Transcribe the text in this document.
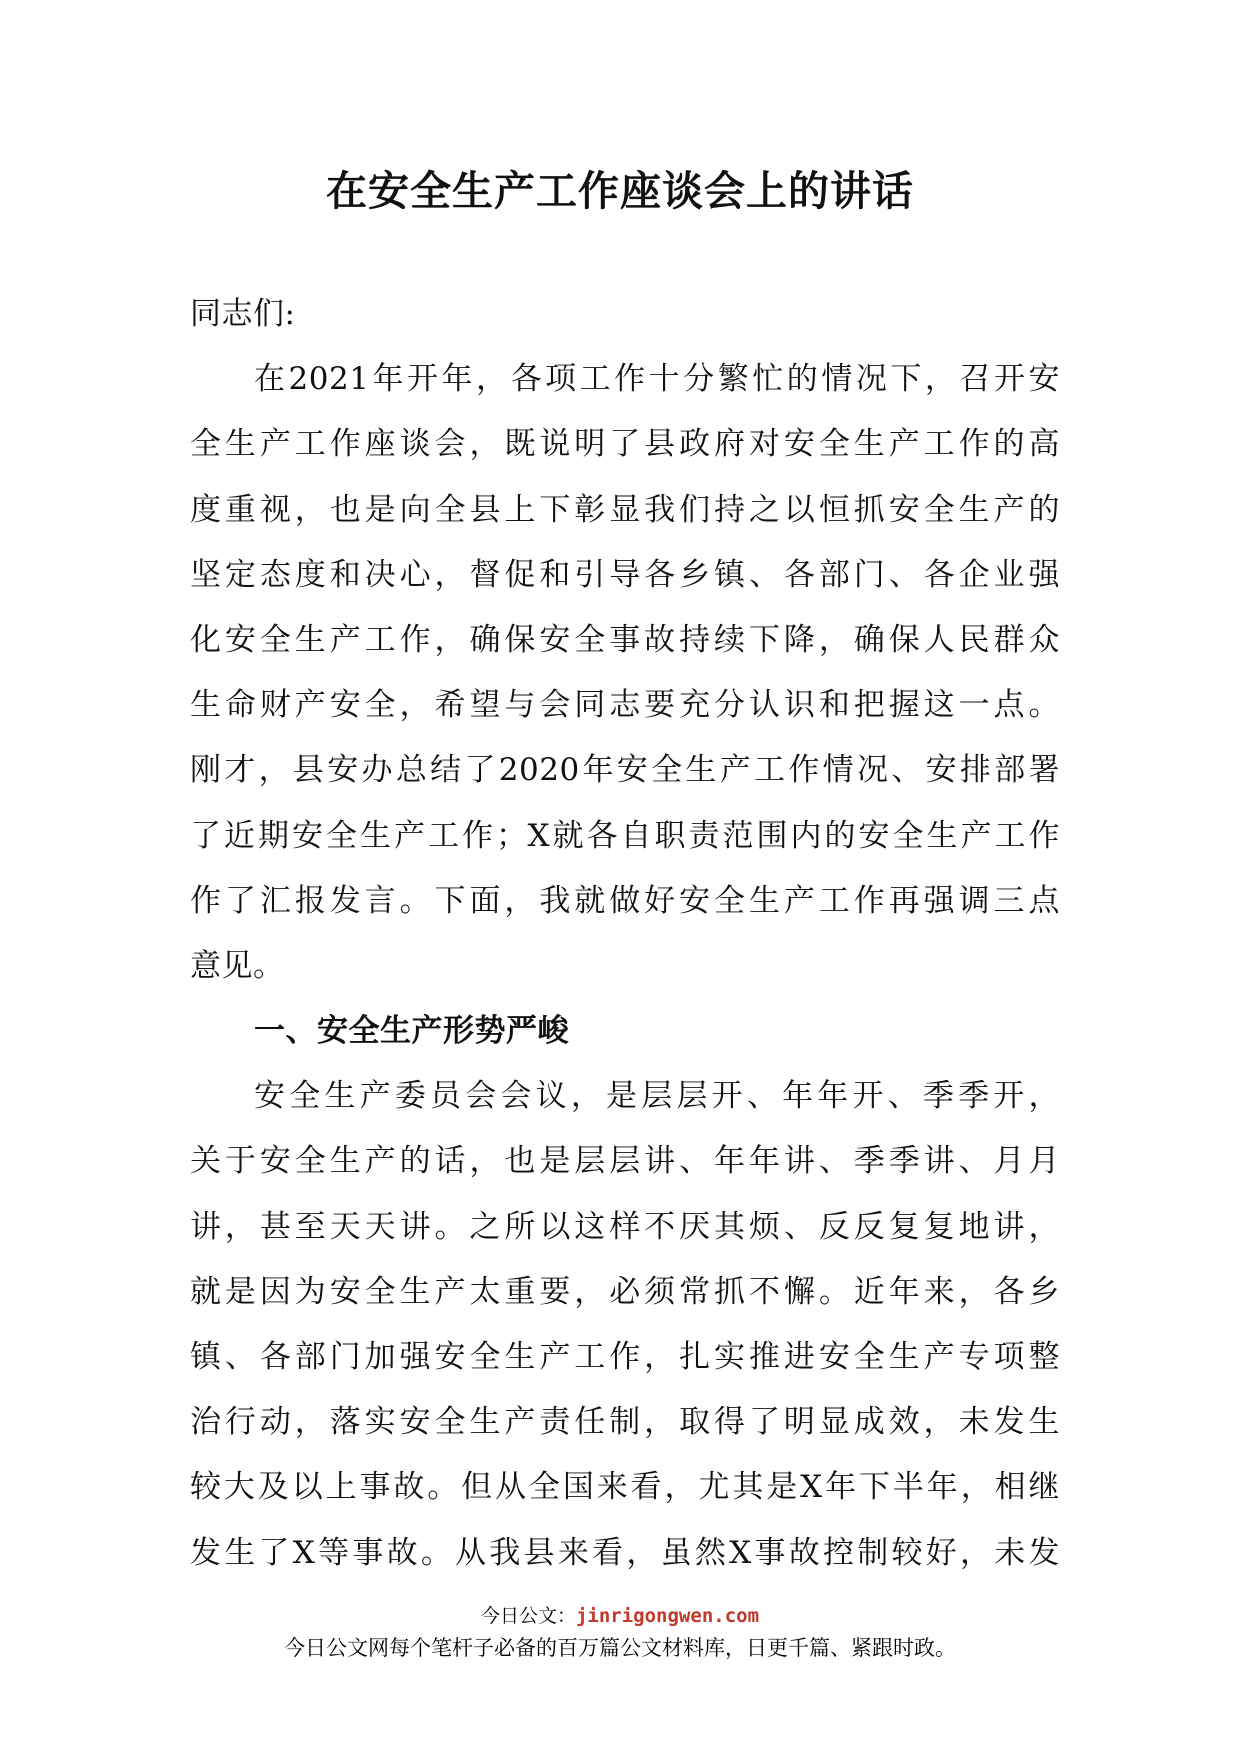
在安全生产工作座谈会上的讲话
同志们:
在2021年开年，各项工作十分繁忙的情况下，召开安
全生产工作座谈会，既说明了县政府对安全生产工作的高
度重视，也是向全县上下彰显我们持之以恒抓安全生产的
坚定态度和决心，督促和引导各乡镇、各部门、各企业强
化安全生产工作，确保安全事故持续下降，确保人民群众
生命财产安全，希望与会同志要充分认识和把握这一点。
刚才，县安办总结了2020年安全生产工作情况、安排部署
了近期安全生产工作；X就各自职责范围内的安全生产工作
作了汇报发言。下面，我就做好安全生产工作再强调三点
意见。
一、安全生产形势严峻
安全生产委员会会议，是层层开、年年开、季季开，
关于安全生产的话，也是层层讲、年年讲、季季讲、月月
讲，甚至天天讲。之所以这样不厌其烦、反反复复地讲，
就是因为安全生产太重要，必须常抓不懈。近年来，各乡
镇、各部门加强安全生产工作，扎实推进安全生产专项整
治行动，落实安全生产责任制，取得了明显成效，未发生
较大及以上事故。但从全国来看，尤其是X年下半年，相继
发生了X等事故。从我县来看，虽然X事故控制较好，未发
今日公文：jinrigongwen.com
今日公文网每个笔杆子必备的百万篇公文材料库，日更千篇、紧跟时政。
